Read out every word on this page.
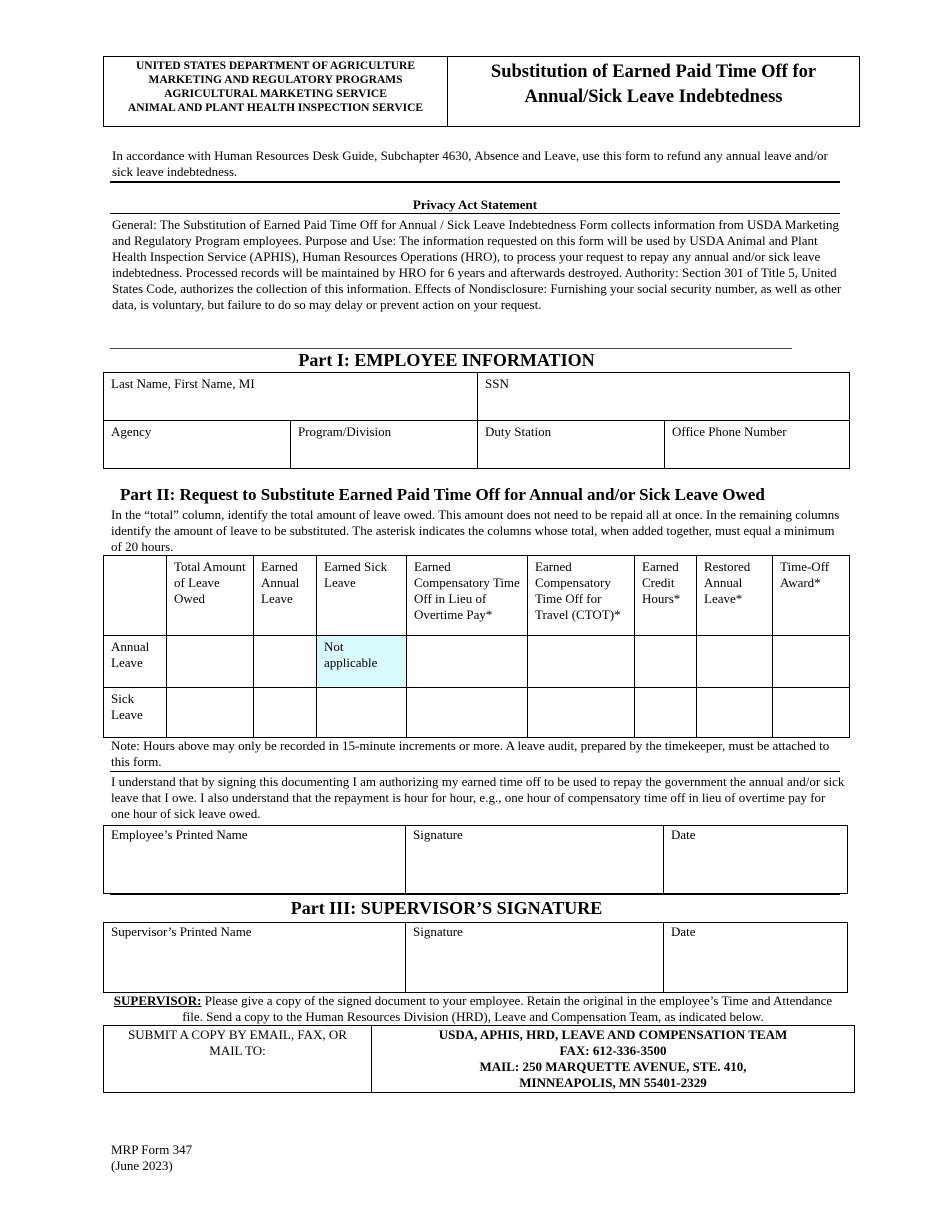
UNITED STATES DEPARTMENT OF AGRICULTURE
MARKETING AND REGULATORY PROGRAMS
AGRICULTURAL MARKETING SERVICE
ANIMAL AND PLANT HEALTH INSPECTION SERVICE
Substitution of Earned Paid Time Off for
Annual/Sick Leave Indebtedness
In accordance with Human Resources Desk Guide, Subchapter 4630, Absence and Leave, use this form to refund any annual leave and/or sick leave indebtedness.
Privacy Act Statement
General: The Substitution of Earned Paid Time Off for Annual / Sick Leave Indebtedness Form collects information from USDA Marketing and Regulatory Program employees. Purpose and Use: The information requested on this form will be used by USDA Animal and Plant Health Inspection Service (APHIS), Human Resources Operations (HRO), to process your request to repay any annual and/or sick leave indebtedness. Processed records will be maintained by HRO for 6 years and afterwards destroyed. Authority: Section 301 of Title 5, United States Code, authorizes the collection of this information. Effects of Nondisclosure: Furnishing your social security number, as well as other data, is voluntary, but failure to do so may delay or prevent action on your request.
Part I: EMPLOYEE INFORMATION
Last Name, First Name, MI		SSN	
Agency	Program/Division	Duty Station	Office Phone Number
Part II: Request to Substitute Earned Paid Time Off for Annual and/or Sick Leave Owed
In the “total” column, identify the total amount of leave owed. This amount does not need to be repaid all at once. In the remaining columns identify the amount of leave to be substituted. The asterisk indicates the columns whose total, when added together, must equal a minimum of 20 hours.
	Total Amount of Leave Owed	Earned Annual Leave	Earned Sick Leave	Earned Compensatory Time Off in Lieu of Overtime Pay*	Earned Compensatory Time Off for Travel (CTOT)*	Earned Credit Hours*	Restored Annual Leave*	Time-Off Award*
Annual Leave			Not applicable					
Sick Leave								
Note: Hours above may only be recorded in 15-minute increments or more. A leave audit, prepared by the timekeeper, must be attached to this form.
I understand that by signing this documenting I am authorizing my earned time off to be used to repay the government the annual and/or sick leave that I owe. I also understand that the repayment is hour for hour, e.g., one hour of compensatory time off in lieu of overtime pay for one hour of sick leave owed.
Employee’s Printed Name	Signature	Date
Part III: SUPERVISOR’S SIGNATURE
Supervisor’s Printed Name	Signature	Date
SUPERVISOR: Please give a copy of the signed document to your employee. Retain the original in the employee’s Time and Attendance file. Send a copy to the Human Resources Division (HRD), Leave and Compensation Team, as indicated below.
SUBMIT A COPY BY EMAIL, FAX, OR MAIL TO:	
USDA, APHIS, HRD, LEAVE AND COMPENSATION TEAM
FAX: 612-336-3500
MAIL: 250 MARQUETTE AVENUE, STE. 410,
MINNEAPOLIS, MN 55401-2329
MRP Form 347
(June 2023)
